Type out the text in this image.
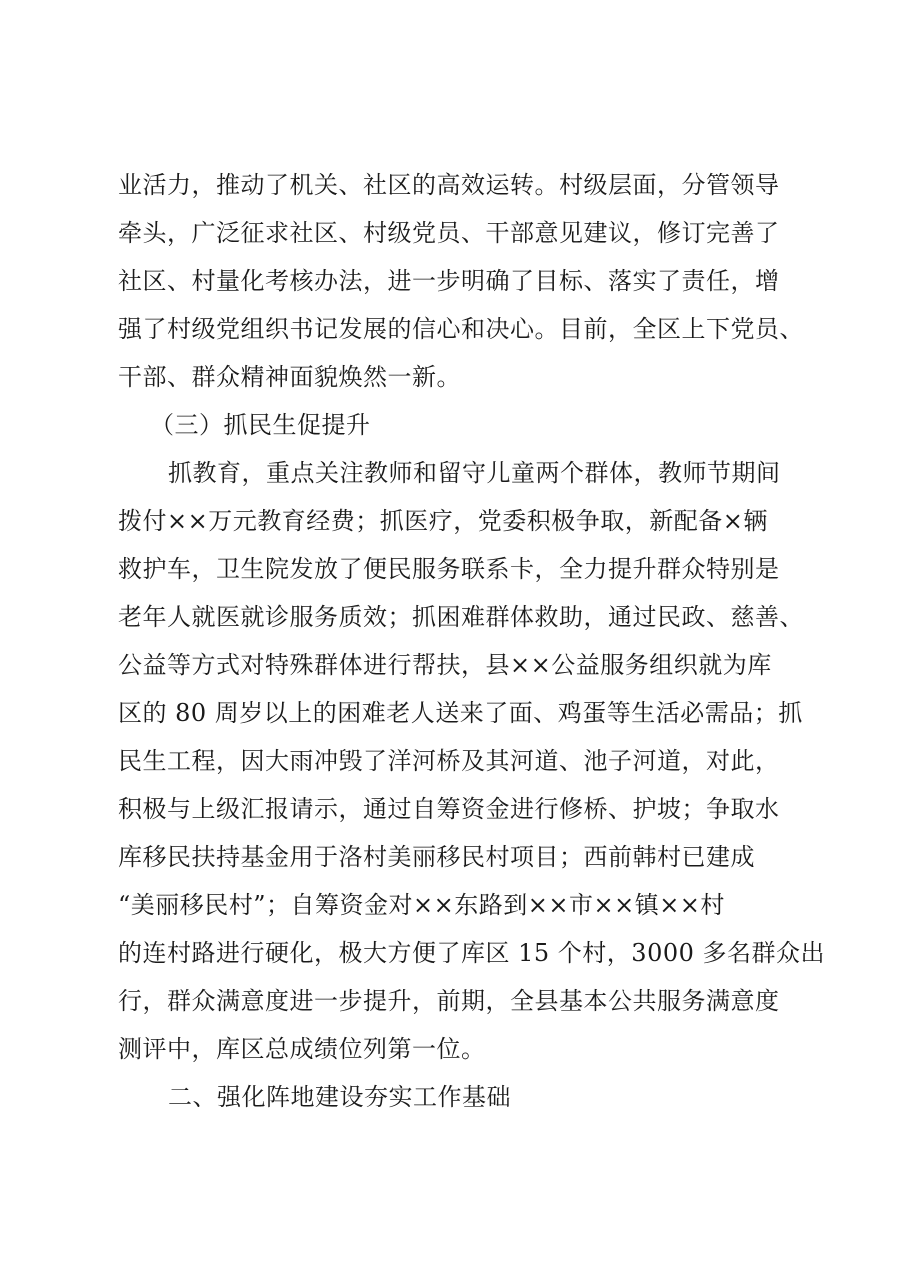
业活力，推动了机关、社区的高效运转。村级层面，分管领导
牵头，广泛征求社区、村级党员、干部意见建议，修订完善了
社区、村量化考核办法，进一步明确了目标、落实了责任，增
强了村级党组织书记发展的信心和决心。目前，全区上下党员、
干部、群众精神面貌焕然一新。
（三）抓民生促提升
抓教育，重点关注教师和留守儿童两个群体，教师节期间
拨付××万元教育经费；抓医疗，党委积极争取，新配备×辆
救护车，卫生院发放了便民服务联系卡，全力提升群众特别是
老年人就医就诊服务质效；抓困难群体救助，通过民政、慈善、
公益等方式对特殊群体进行帮扶，县××公益服务组织就为库
区的 80 周岁以上的困难老人送来了面、鸡蛋等生活必需品；抓
民生工程，因大雨冲毁了洋河桥及其河道、池子河道，对此，
积极与上级汇报请示，通过自筹资金进行修桥、护坡；争取水
库移民扶持基金用于洛村美丽移民村项目；西前韩村已建成
“美丽移民村”；自筹资金对××东路到××市××镇××村
的连村路进行硬化，极大方便了库区 15 个村，3000 多名群众出
行，群众满意度进一步提升，前期，全县基本公共服务满意度
测评中，库区总成绩位列第一位。
二、强化阵地建设夯实工作基础
